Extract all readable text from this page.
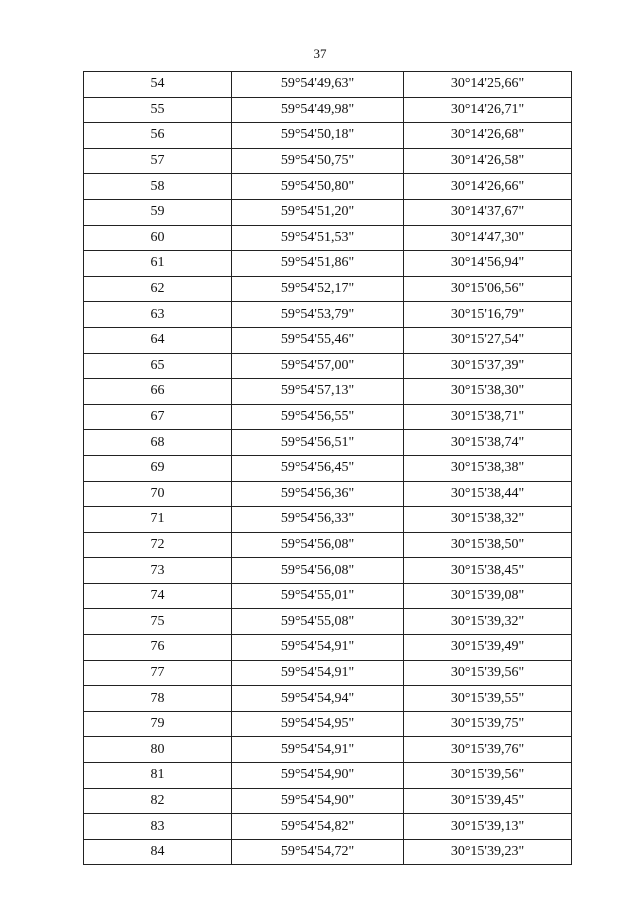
37
54	59°54'49,63"	30°14'25,66"
55	59°54'49,98"	30°14'26,71"
56	59°54'50,18"	30°14'26,68"
57	59°54'50,75"	30°14'26,58"
58	59°54'50,80"	30°14'26,66"
59	59°54'51,20"	30°14'37,67"
60	59°54'51,53"	30°14'47,30"
61	59°54'51,86"	30°14'56,94"
62	59°54'52,17"	30°15'06,56"
63	59°54'53,79"	30°15'16,79"
64	59°54'55,46"	30°15'27,54"
65	59°54'57,00"	30°15'37,39"
66	59°54'57,13"	30°15'38,30"
67	59°54'56,55"	30°15'38,71"
68	59°54'56,51"	30°15'38,74"
69	59°54'56,45"	30°15'38,38"
70	59°54'56,36"	30°15'38,44"
71	59°54'56,33"	30°15'38,32"
72	59°54'56,08"	30°15'38,50"
73	59°54'56,08"	30°15'38,45"
74	59°54'55,01"	30°15'39,08"
75	59°54'55,08"	30°15'39,32"
76	59°54'54,91"	30°15'39,49"
77	59°54'54,91"	30°15'39,56"
78	59°54'54,94"	30°15'39,55"
79	59°54'54,95"	30°15'39,75"
80	59°54'54,91"	30°15'39,76"
81	59°54'54,90"	30°15'39,56"
82	59°54'54,90"	30°15'39,45"
83	59°54'54,82"	30°15'39,13"
84	59°54'54,72"	30°15'39,23"
